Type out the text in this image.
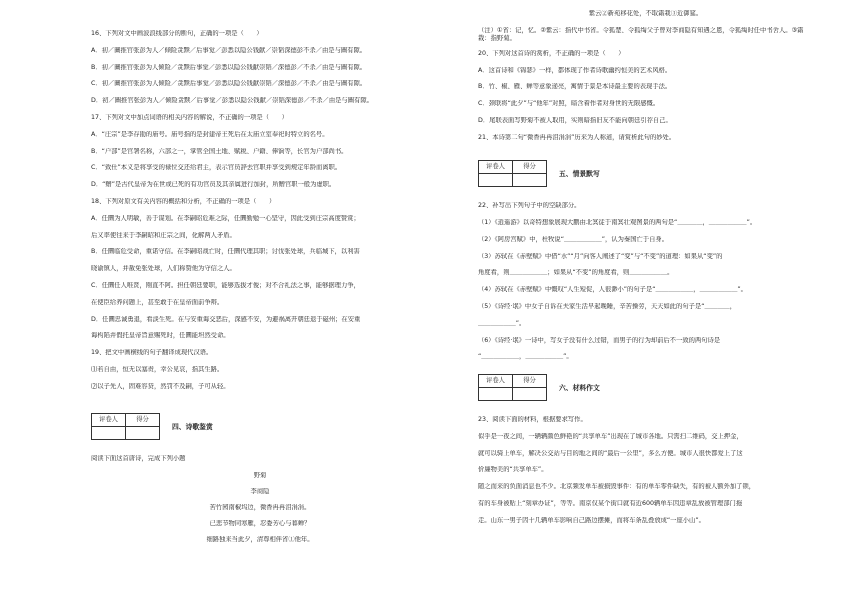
16、下列对文中画波浪线部分的断句，正确的一项是（　　）
A．初／圖推官张彭为人／倾险贪黩／后事觉／彭悉以隐公钱献／崇韬深德彭不杀／由是与圖有隙。
B．初／圖推官张彭为人倾险／贪黩后事觉／彭悉以隐公钱献崇韬／深德彭／不杀／由是与圖有隙。
C．初／圖推官张彭为人倾险／贪黩后事觉／彭悉以隐公钱献崇韬／深德彭／不杀／由是与圖有隙。
D．初／圖推官张彭为人／倾险贪黩／后事觉／彭悉以隐公钱献／崇韬深德彭／不杀／由是与圖有隙。
17、下列对文中加点词语的相关内容的解说，不正确的一项是（　　）
A．“庄宗”是李存勖的庙号。庙号指的是封建帝王死后在太庙立室奉祀时特立的名号。
B．“户部”是官署名称，六部之一，掌管全国土地、赋税、户籍、俸饷等，长官为户部尚书。
C．“致仕”本义是将享受的禄位交还给君主，表示官员辞去官职并享受到规定年龄而离职。
D．“赠”是古代皇帝为在世或已死的有功官员及其亲属进行加封，所赠官职一般为虚职。
18、下列对原文有关内容的概括和分析，不正确的一项是（　　）
A．任圜为人明敏，善于谋划。在李嗣昭危难之际，任圜勤勉一心坚守，因此受到庄宗高度赞赏；
后又率使往来于李嗣昭和庄宗之间，化解两人矛盾。
B．任圜临危受命，重诺守信。在李嗣昭战亡时，任圜代理其职；讨伐张处球，兵临城下，以利害
晓谕镇人，并赦免张处球，人们称赞他为守信之人。
C．任圜任人唯贤，刚直不阿。担任朝廷要职，能够选拔才俊；对不合礼法之事，能够据理力争，
在使臣给养问题上，甚至敢于在皇帝面前争辩。
D．任圜忠诚勇退，看淡生死。在与安重诲交恶后，深感不安，为避祸离开朝廷退于磁州；在安重
诲构陷并假托皇帝旨意赐死时，任圜能坦然受命。
19、把文中画横线的句子翻译成现代汉语。
⑴若自由，恒无以塞责，幸公见哀，指其生路。
⑵以子先人，固难容贷，然罚不及嗣，子可从轻。
评卷人	得分

四、诗歌鉴赏
阅读下面这首唐诗，完成下列小题
野菊
李商隐
苦竹园南椒坞边，微香冉冉泪涓涓。
已悲节物同寒雁，忍委芳心与暮蝉？
细路独来当此夕，清尊相伴省①他年。
紫云②新苑移花处，不取霜栽③近御筵。
（注）①省：记，忆。②紫云：指代中书省。令狐楚、令狐绹父子曾对李商隐有知遇之恩，令狐绹时任中书舍人。③霜栽：指野菊。
20、下列对这首诗的赏析，不正确的一项是（　　）
A．这首诗和《锦瑟》一样，都体现了作者诗歌幽约恒美的艺术风格。
B．竹、椒、雁、蝉等意象递亮，寓情于景是本诗最主要的表现手法。
C．颈联将“此夕”与“他年”对照，暗含着作者对身世的无限感慨。
D．尾联表面写野菊不被人取用，实则暗指旧友不能向朝廷引荐自己。
21、本诗第二句“微香冉冉泪涓涓”历来为人称道，请赏析此句的妙处。
评卷人	得分

五、情景默写
22、补写出下列句子中的空缺部分。
（1）《逍遥游》以奇特想象展现大鹏由北冥徒于南冥壮观图景的两句是“＿＿＿＿，＿＿＿＿＿＿”。
（2）《阿房宫赋》中，杜牧说“＿＿＿＿＿＿”，认为秦国亡于自身。
（3）苏轼在《赤壁赋》中借“水”“月”向客人阐述了“变”与“不变”的道理：如果从“变”的
角度看，则＿＿＿＿＿＿；如果从“不变”的角度看，则＿＿＿＿＿＿。
（4）苏轼在《赤壁赋》中慨叹“人生短促，人很渺小”的句子是“＿＿＿＿＿＿，＿＿＿＿＿＿”。
（5）《诗经·氓》中女子自诉在夫家生活早起晚睡，辛苦操劳，天天如此的句子是“＿＿＿＿，
＿＿＿＿＿＿”。
（6）《诗经·氓》一诗中，写女子没有什么过错，而男子的行为却前后不一致的两句诗是
“＿＿＿＿＿＿，＿＿＿＿＿＿”。
评卷人	得分

六、材料作文
23、阅读下面的材料，根据要求写作。
似乎是一夜之间，一辆辆颜色鲜艳的“共享单车”出现在了城市各地。只需扫二维码，交上押金，
就可以骑上单车，解决公交站与目的地之间的“最后一公里”，多么方便。城市人很快都爱上了这
价廉物美的“共享单车”。
随之而来的负面消息也不少。北京频发单车被损毁事件：有的单车零件缺失，有的被人额外加了锁，
有的车身被贴上“刻章办证”，等等。南京仅某个街口就有近600辆单车因违章乱放被管理部门拖
走。山东一男子因十几辆单车影响自己路边摆摊，而将车条乱叠放成“一座小山”。
